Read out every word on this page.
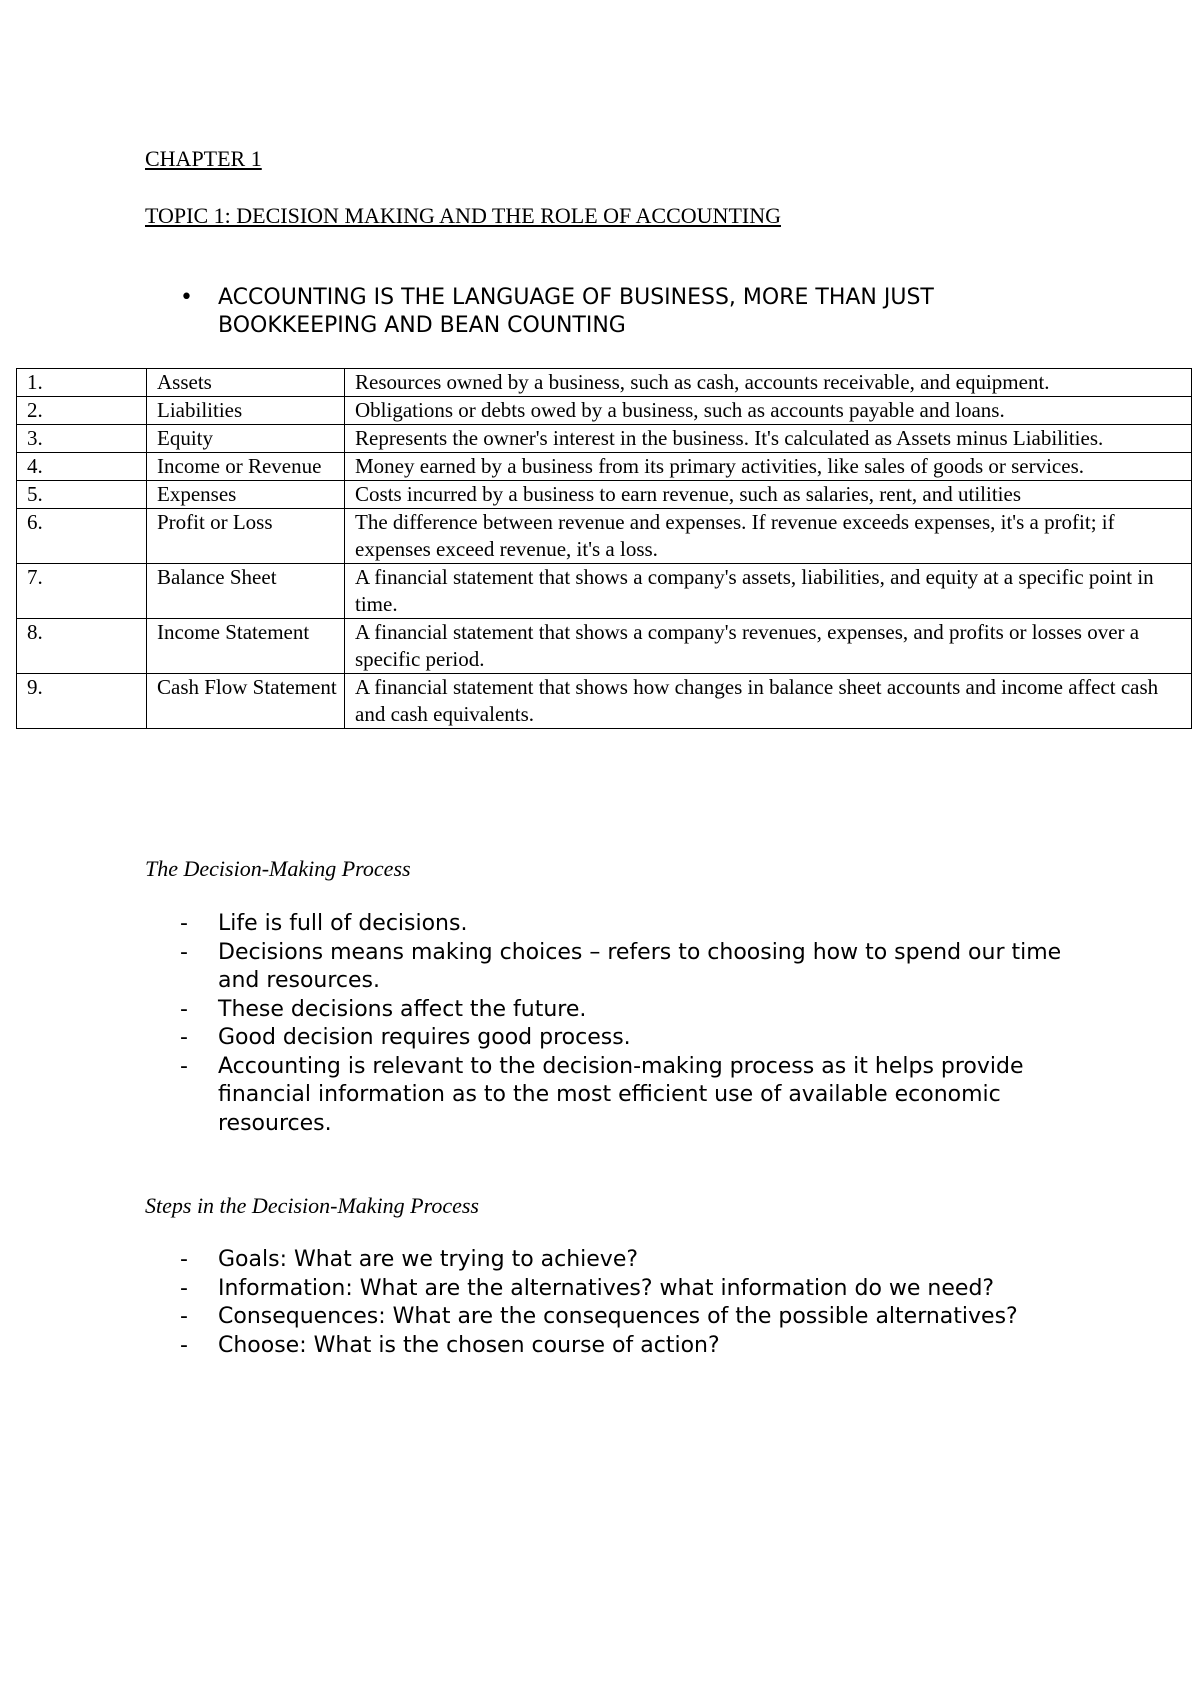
CHAPTER 1
TOPIC 1: DECISION MAKING AND THE ROLE OF ACCOUNTING
•	ACCOUNTING IS THE LANGUAGE OF BUSINESS, MORE THAN JUST BOOKKEEPING AND BEAN COUNTING
1.	Assets	Resources owned by a business, such as cash, accounts receivable, and equipment.
2.	Liabilities	Obligations or debts owed by a business, such as accounts payable and loans.
3.	Equity	Represents the owner's interest in the business. It's calculated as Assets minus Liabilities.
4.	Income or Revenue	Money earned by a business from its primary activities, like sales of goods or services.
5.	Expenses	Costs incurred by a business to earn revenue, such as salaries, rent, and utilities
6.	Profit or Loss	The difference between revenue and expenses. If revenue exceeds expenses, it's a profit; if expenses exceed revenue, it's a loss.
7.	Balance Sheet	A financial statement that shows a company's assets, liabilities, and equity at a specific point in time.
8.	Income Statement	A financial statement that shows a company's revenues, expenses, and profits or losses over a specific period.
9.	Cash Flow Statement	A financial statement that shows how changes in balance sheet accounts and income affect cash and cash equivalents.
The Decision-Making Process
-	Life is full of decisions.
-	Decisions means making choices – refers to choosing how to spend our time and resources.
-	These decisions affect the future.
-	Good decision requires good process.
-	Accounting is relevant to the decision-making process as it helps provide financial information as to the most efficient use of available economic resources.
Steps in the Decision-Making Process
-	Goals: What are we trying to achieve?
-	Information: What are the alternatives? what information do we need?
-	Consequences: What are the consequences of the possible alternatives?
-	Choose: What is the chosen course of action?
